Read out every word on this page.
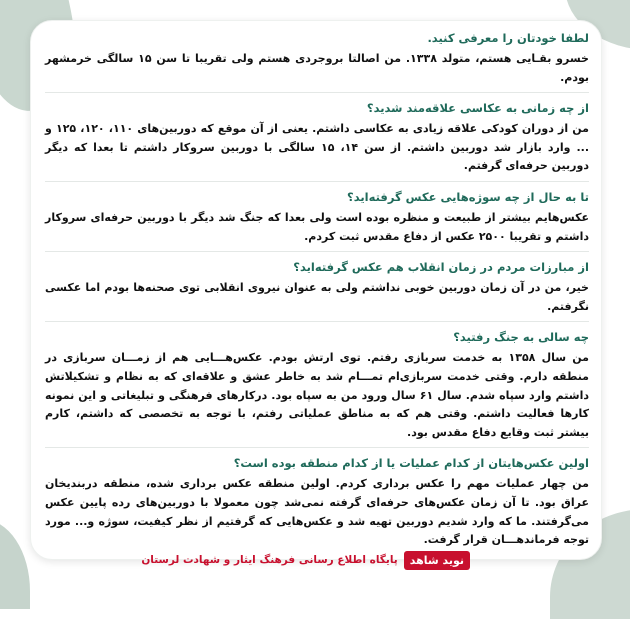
لطفا خودتان را معرفی کنید.
خسرو بقـایی هستم، متولد ۱۳۳۸. من اصالتا بروجردی هستم ولی تقریبا تا سن ۱۵ سالگی خرمشهر بودم.
از چه زمانی به عکاسی علاقه‌مند شدید؟
من از دوران کودکی علاقه زیادی به عکاسی داشتم. یعنی از آن موقع که دوربین‌های ۱۱۰، ۱۲۰، ۱۲۵ و ... وارد بازار شد دوربین داشتم. از سن ۱۴، ۱۵ سالگی با دوربین سروکار داشتم تا بعدا که دیگر دوربین حرفه‌ای گرفتم.
تا به حال از چه سوژه‌هایی عکس گرفته‌اید؟
عکس‌هایم بیشتر از طبیعت و منظره بوده است ولی بعدا که جنگ شد دیگر با دوربین حرفه‌ای سروکار داشتم و تقریبا ۲۵۰۰ عکس از دفاع مقدس ثبت کردم.
از مبارزات مردم در زمان انقلاب هم عکس گرفته‌اید؟
خیر، من در آن زمان دوربین خوبی نداشتم ولی به عنوان نیروی انقلابی توی صحنه‌ها بودم اما عکسی نگرفتم.
چه سالی به جنگ رفتید؟
من سال ۱۳۵۸ به خدمت سربازی رفتم. توی ارتش بودم. عکس‌هـــایی هم از زمـــان سربازی در منطقه دارم. وقتی خدمت سربازی‌ام تمـــام شد به خاطر عشق و علاقه‌ای که به نظام و تشکیلاتش داشتم وارد سپاه شدم. سال ۶۱ سال ورود من به سپاه بود. درکارهای فرهنگی و تبلیغاتی و این نمونه کارها فعالیت داشتم. وقتی هم که به مناطق عملیاتی رفتم، با توجه به تخصصی که داشتم، کارم بیشتر ثبت وقایع دفاع مقدس بود.
اولین عکس‌هایتان از کدام عملیات یا از کدام منطقه بوده است؟
من چهار عملیات مهم را عکس برداری کردم. اولین منطقه عکس برداری شده، منطقه دربندیخان عراق بود. تا آن زمان عکس‌های حرفه‌ای گرفته نمی‌شد چون معمولا با دوربین‌های رده پایین عکس می‌گرفتند. ما که وارد شدیم دوربین تهیه شد و عکس‌هایی که گرفتیم از نظر کیفیت، سوژه و... مورد توجه فرماندهـــان قرار گرفت.
نوید شاهد
پایگاه اطلاع رسانی فرهنگ ایثار و شهادت لرستان
